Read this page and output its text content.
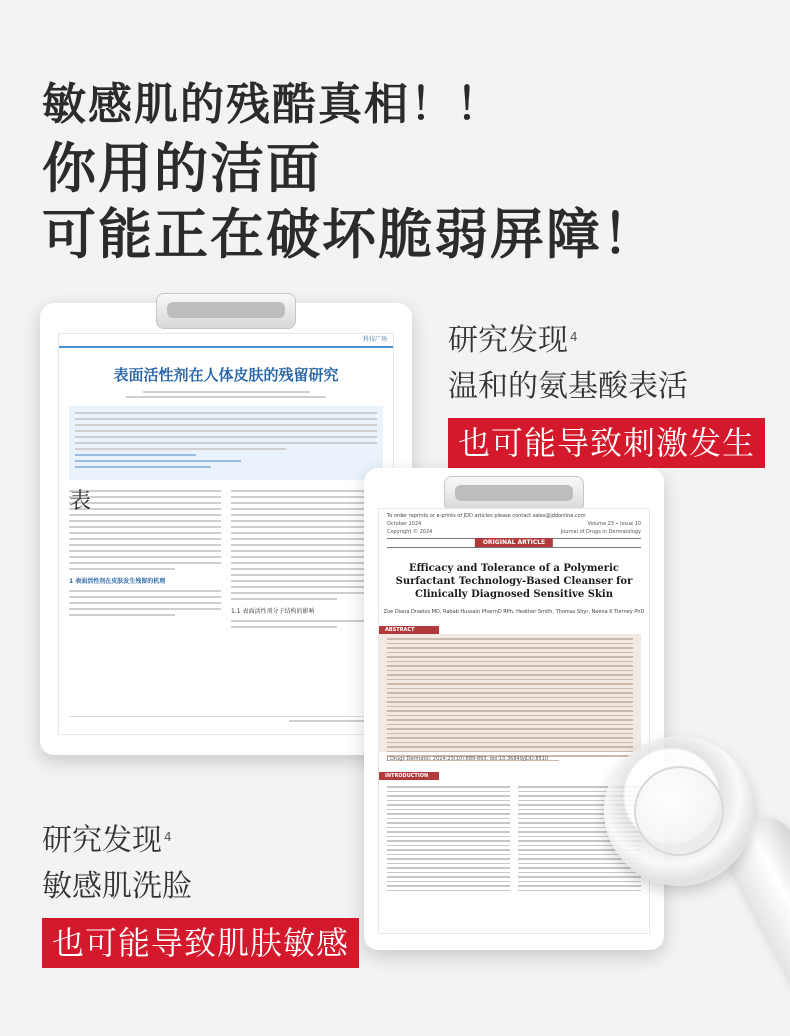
敏感肌的残酷真相！！
你用的洁面
可能正在破坏脆弱屏障！
科技广场
表面活性剂在人体皮肤的残留研究
表
1 表面活性剂在皮肤发生残留的机理
1.1 表面活性剂分子结构的影响
To order reprints or e-prints of JDD articles please contact sales@jddonline.com
October 2024	Volume 23 • Issue 10
Copyright © 2024	Journal of Drugs in Dermatology
ORIGINAL ARTICLE
Efficacy and Tolerance of a Polymeric Surfactant Technology-Based Cleanser for Clinically Diagnosed Sensitive Skin
Zoe Diana Draelos MD, Rabab Hussain PharmD RPh, Heather Smith, Thomas Shyr, Neena K Tierney PhD
ABSTRACT
J Drugs Dermatol. 2024;23(10):889-893. doi:10.36849/JDD.8510
INTRODUCTION
研究发现 $^4$
温和的氨基酸表活
也可能导致刺激发生
研究发现 $^4$
敏感肌洗脸
也可能导致肌肤敏感
